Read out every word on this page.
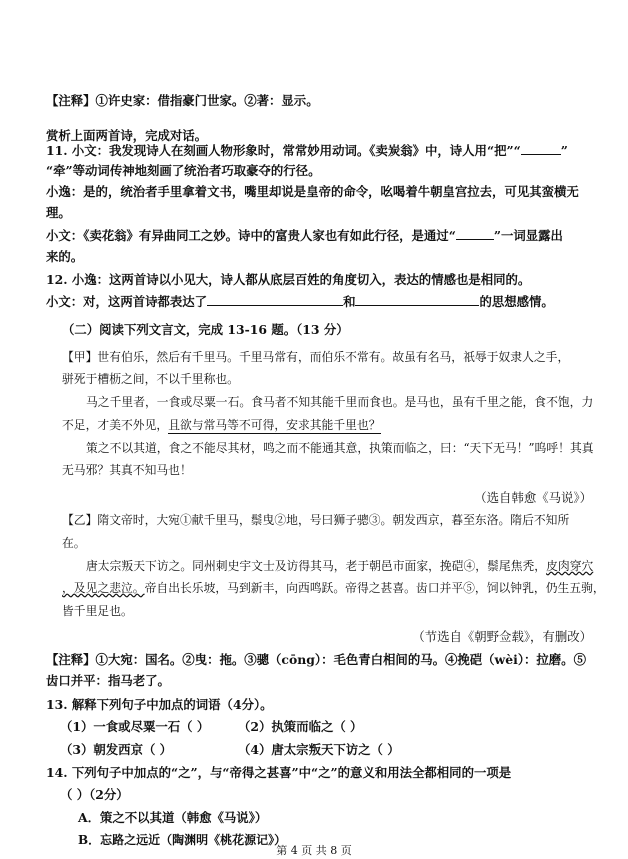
【注释】①许史家：借指豪门世家。②著：显示。
赏析上面两首诗，完成对话。
11. 小文：我发现诗人在刻画人物形象时，常常妙用动词。《卖炭翁》中，诗人用“把”“	”
“牵”等动词传神地刻画了统治者巧取豪夺的行径。
小逸：是的，统治者手里拿着文书，嘴里却说是皇帝的命令，吆喝着牛朝皇宫拉去，可见其蛮横无
理。
小文：《卖花翁》有异曲同工之妙。诗中的富贵人家也有如此行径，是通过“	”一词显露出
来的。
12. 小逸：这两首诗以小见大，诗人都从底层百姓的角度切入，表达的情感也是相同的。
小文：对，这两首诗都表达了	和	的思想感情。
（二）阅读下列文言文，完成 13-16 题。（13 分）
【甲】世有伯乐，然后有千里马。千里马常有，而伯乐不常有。故虽有名马，祇辱于奴隶人之手，
骈死于槽枥之间，不以千里称也。
马之千里者，一食或尽粟一石。食马者不知其能千里而食也。是马也，虽有千里之能，食不饱，力
不足，才美不外见，且欲与常马等不可得，安求其能千里也？
策之不以其道，食之不能尽其材，鸣之而不能通其意，执策而临之，曰：“天下无马！”呜呼！其真
无马邪？其真不知马也！
（选自韩愈《马说》）
【乙】隋文帝时，大宛①献千里马，鬃曳②地，号曰狮子骢③。朝发西京，暮至东洛。隋后不知所
在。
唐太宗叛天下访之。同州刺史宇文士及访得其马，老于朝邑市面家，挽硙④，鬃尾焦秃，皮肉穿穴
，及见之悲泣。帝自出长乐坡，马到新丰，向西鸣跃。帝得之甚喜。齿口并平⑤，饲以钟乳，仍生五驹，
皆千里足也。
（节选自《朝野佥载》，有删改）
【注释】①大宛：国名。②曳：拖。③骢（cōng）：毛色青白相间的马。④挽硙（wèi）：拉磨。⑤
齿口并平：指马老了。
13. 解释下列句子中加点的词语（4分）。
（1）一食或尽粟一石（ ） （2）执策而临之（ ）
（3）朝发西京（ ）	（4）唐太宗叛天下访之（ ）
14. 下列句子中加点的“之”，与“帝得之甚喜”中“之”的意义和用法全都相同的一项是
（ ）（2分）
A．策之不以其道（韩愈《马说》）
B．忘路之远近（陶渊明《桃花源记》）
第 4 页 共 8 页
